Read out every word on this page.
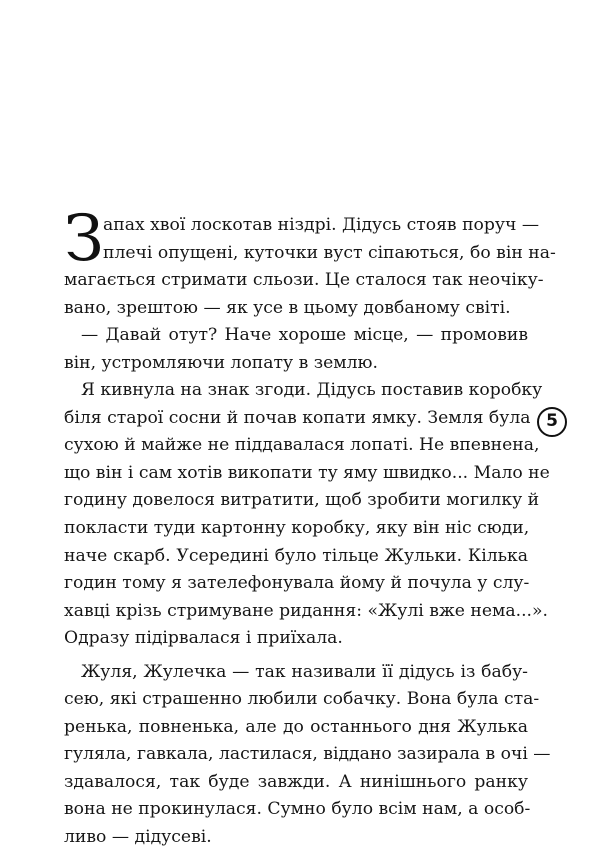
З апах хвої лоскотав ніздрі. Дідусь стояв поруч —
плечі опущені, куточки вуст сіпаються, бо він на-
магається стримати сльози. Це сталося так неочіку-
вано, зрештою — як усе в цьому довбаному світі.
— Давай отут? Наче хороше місце, — промовив
він, устромляючи лопату в землю.
Я кивнула на знак згоди. Дідусь поставив коробку
біля старої сосни й почав копати ямку. Земля була
сухою й майже не піддавалася лопаті. Не впевнена,
що він і сам хотів викопати ту яму швидко... Мало не
годину довелося витратити, щоб зробити могилку й
покласти туди картонну коробку, яку він ніс сюди,
наче скарб. Усередині було тільце Жульки. Кілька
годин тому я зателефонувала йому й почула у слу-
хавці крізь стримуване ридання: «Жулі вже нема...».
Одразу підірвалася і приїхала.
Жуля, Жулечка — так називали її дідусь із бабу-
сею, які страшенно любили собачку. Вона була ста-
ренька, повненька, але до останнього дня Жулька
гуляла, гавкала, ластилася, віддано зазирала в очі —
здавалося, так буде завжди. А нинішнього ранку
вона не прокинулася. Сумно було всім нам, а особ-
ливо — дідусеві.
5
